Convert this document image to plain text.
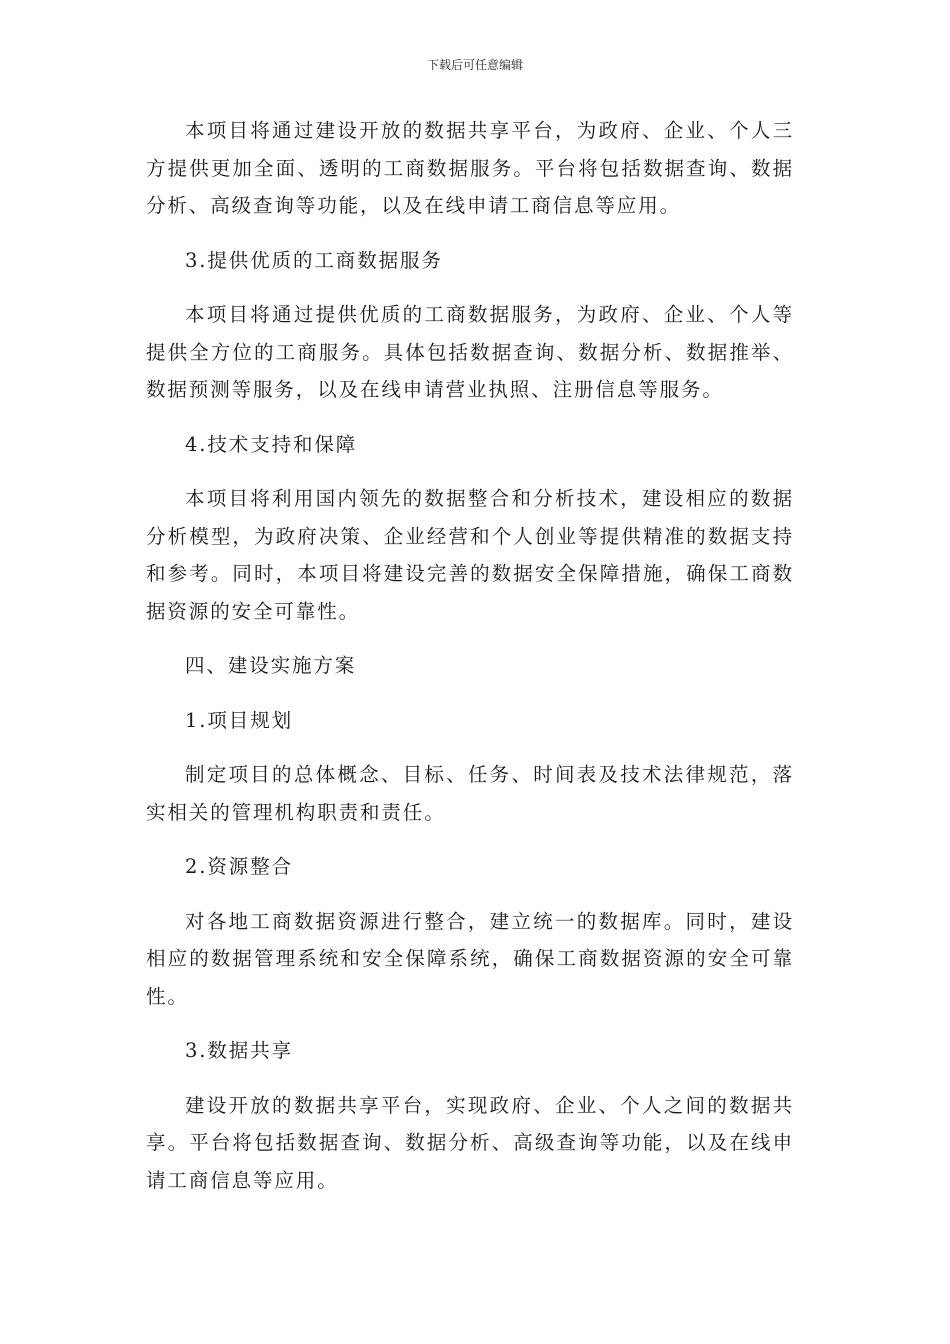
下载后可任意编辑

本项目将通过建设开放的数据共享平台，为政府、企业、个人三方提供更加全面、透明的工商数据服务。平台将包括数据查询、数据分析、高级查询等功能，以及在线申请工商信息等应用。

3.提供优质的工商数据服务

本项目将通过提供优质的工商数据服务，为政府、企业、个人等提供全方位的工商服务。具体包括数据查询、数据分析、数据推举、数据预测等服务，以及在线申请营业执照、注册信息等服务。

4.技术支持和保障

本项目将利用国内领先的数据整合和分析技术，建设相应的数据分析模型，为政府决策、企业经营和个人创业等提供精准的数据支持和参考。同时，本项目将建设完善的数据安全保障措施，确保工商数据资源的安全可靠性。

四、建设实施方案

1.项目规划

制定项目的总体概念、目标、任务、时间表及技术法律规范，落实相关的管理机构职责和责任。

2.资源整合

对各地工商数据资源进行整合，建立统一的数据库。同时，建设相应的数据管理系统和安全保障系统，确保工商数据资源的安全可靠性。

3.数据共享

建设开放的数据共享平台，实现政府、企业、个人之间的数据共享。平台将包括数据查询、数据分析、高级查询等功能，以及在线申请工商信息等应用。
